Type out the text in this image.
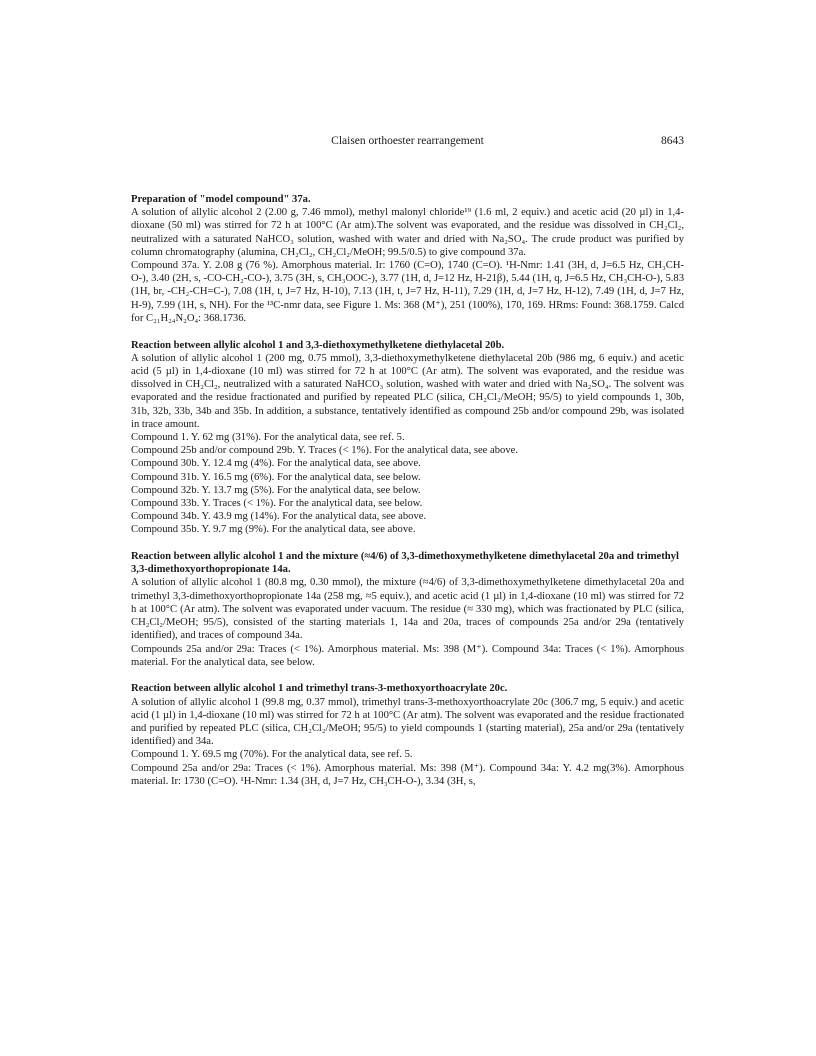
Claisen orthoester rearrangement	8643
Preparation of "model compound" 37a.

A solution of allylic alcohol 2 (2.00 g, 7.46 mmol), methyl malonyl chloride¹⁹ (1.6 ml, 2 equiv.) and acetic acid (20 µl) in 1,4-dioxane (50 ml) was stirred for 72 h at 100°C (Ar atm).The solvent was evaporated, and the residue was dissolved in CH₂Cl₂, neutralized with a saturated NaHCO₃ solution, washed with water and dried with Na₂SO₄. The crude product was purified by column chromatography (alumina, CH₂Cl₂, CH₂Cl₂/MeOH; 99.5/0.5) to give compound 37a.

Compound 37a. Y. 2.08 g (76 %). Amorphous material. Ir: 1760 (C=O), 1740 (C=O). ¹H-Nmr: 1.41 (3H, d, J=6.5 Hz, CH₃CH-O-), 3.40 (2H, s, -CO-CH₂-CO-), 3.75 (3H, s, CH₃OOC-), 3.77 (1H, d, J=12 Hz, H-21β), 5.44 (1H, q, J=6.5 Hz, CH₃CH-O-), 5.83 (1H, br, -CH₂-CH=C-), 7.08 (1H, t, J=7 Hz, H-10), 7.13 (1H, t, J=7 Hz, H-11), 7.29 (1H, d, J=7 Hz, H-12), 7.49 (1H, d, J=7 Hz, H-9), 7.99 (1H, s, NH). For the ¹³C-nmr data, see Figure 1. Ms: 368 (M⁺), 251 (100%), 170, 169. HRms: Found: 368.1759. Calcd for C₂₁H₂₄N₂O₄: 368.1736.

Reaction between allylic alcohol 1 and 3,3-diethoxymethylketene diethylacetal 20b.

A solution of allylic alcohol 1 (200 mg, 0.75 mmol), 3,3-diethoxymethylketene diethylacetal 20b (986 mg, 6 equiv.) and acetic acid (5 µl) in 1,4-dioxane (10 ml) was stirred for 72 h at 100°C (Ar atm). The solvent was evaporated, and the residue was dissolved in CH₂Cl₂, neutralized with a saturated NaHCO₃ solution, washed with water and dried with Na₂SO₄. The solvent was evaporated and the residue fractionated and purified by repeated PLC (silica, CH₂Cl₂/MeOH; 95/5) to yield compounds 1, 30b, 31b, 32b, 33b, 34b and 35b. In addition, a substance, tentatively identified as compound 25b and/or compound 29b, was isolated in trace amount.

Compound 1. Y. 62 mg (31%). For the analytical data, see ref. 5.
Compound 25b and/or compound 29b. Y. Traces (< 1%). For the analytical data, see above.
Compound 30b. Y. 12.4 mg (4%). For the analytical data, see above.
Compound 31b. Y. 16.5 mg (6%). For the analytical data, see below.
Compound 32b. Y. 13.7 mg (5%). For the analytical data, see below.
Compound 33b. Y. Traces (< 1%). For the analytical data, see below.
Compound 34b. Y. 43.9 mg (14%). For the analytical data, see above.
Compound 35b. Y. 9.7 mg (9%). For the analytical data, see above.
Reaction between allylic alcohol 1 and the mixture (≈4/6) of 3,3-dimethoxymethylketene dimethylacetal 20a and trimethyl 3,3-dimethoxyorthopropionate 14a.

A solution of allylic alcohol 1 (80.8 mg, 0.30 mmol), the mixture (≈4/6) of 3,3-dimethoxymethylketene dimethylacetal 20a and trimethyl 3,3-dimethoxyorthopropionate 14a (258 mg, ≈5 equiv.), and acetic acid (1 µl) in 1,4-dioxane (10 ml) was stirred for 72 h at 100°C (Ar atm). The solvent was evaporated under vacuum. The residue (≈ 330 mg), which was fractionated by PLC (silica, CH₂Cl₂/MeOH; 95/5), consisted of the starting materials 1, 14a and 20a, traces of compounds 25a and/or 29a (tentatively identified), and traces of compound 34a.

Compounds 25a and/or 29a: Traces (< 1%). Amorphous material. Ms: 398 (M⁺). Compound 34a: Traces (< 1%). Amorphous material. For the analytical data, see below.

Reaction between allylic alcohol 1 and trimethyl trans-3-methoxyorthoacrylate 20c.

A solution of allylic alcohol 1 (99.8 mg, 0.37 mmol), trimethyl trans-3-methoxyorthoacrylate 20c (306.7 mg, 5 equiv.) and acetic acid (1 µl) in 1,4-dioxane (10 ml) was stirred for 72 h at 100°C (Ar atm). The solvent was evaporated and the residue fractionated and purified by repeated PLC (silica, CH₂Cl₂/MeOH; 95/5) to yield compounds 1 (starting material), 25a and/or 29a (tentatively identified) and 34a.

Compound 1. Y. 69.5 mg (70%). For the analytical data, see ref. 5.

Compound 25a and/or 29a: Traces (< 1%). Amorphous material. Ms: 398 (M⁺). Compound 34a: Y. 4.2 mg(3%). Amorphous material. Ir: 1730 (C=O). ¹H-Nmr: 1.34 (3H, d, J=7 Hz, CH₃CH-O-), 3.34 (3H, s,
